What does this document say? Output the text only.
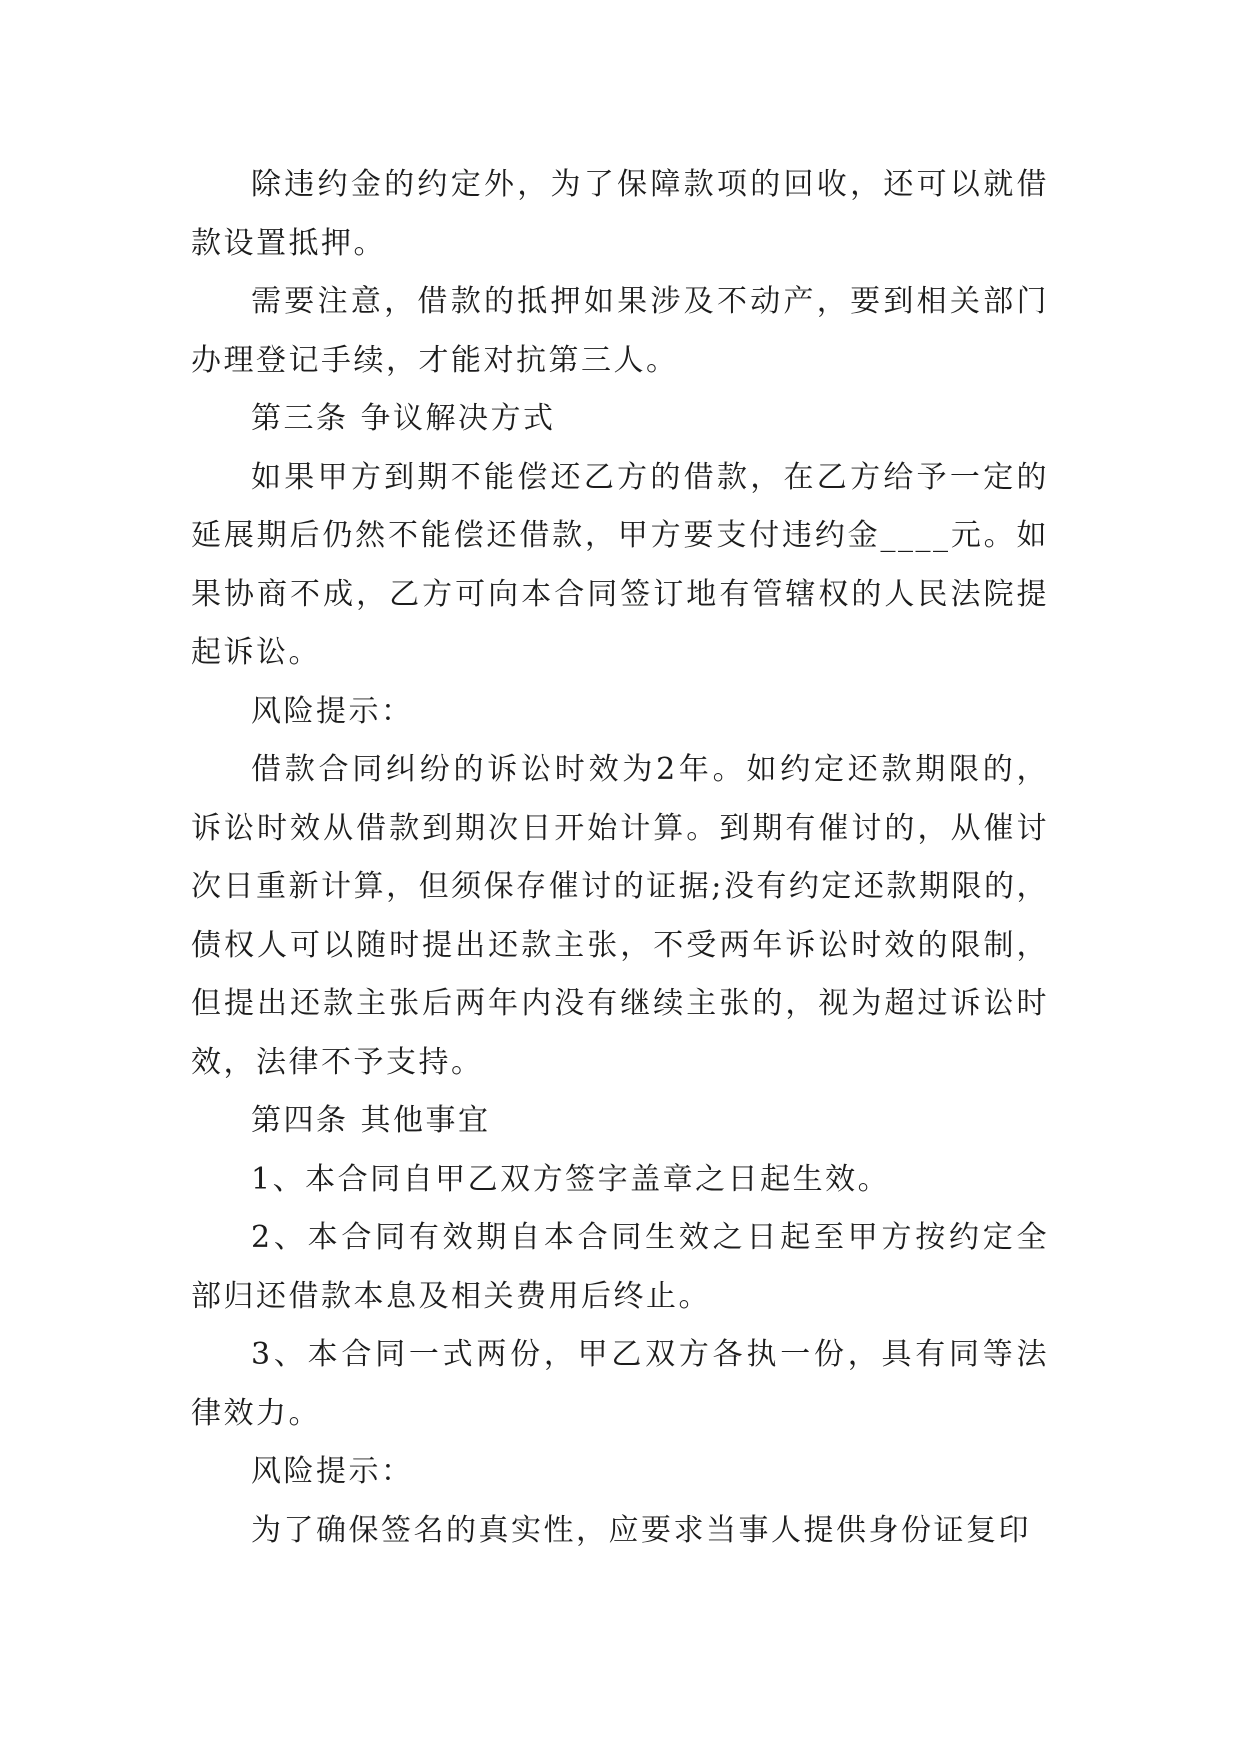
除违约金的约定外，为了保障款项的回收，还可以就借款设置抵押。

需要注意，借款的抵押如果涉及不动产，要到相关部门办理登记手续，才能对抗第三人。

第三条 争议解决方式

如果甲方到期不能偿还乙方的借款，在乙方给予一定的延展期后仍然不能偿还借款，甲方要支付违约金____元。如果协商不成，乙方可向本合同签订地有管辖权的人民法院提起诉讼。

风险提示：

借款合同纠纷的诉讼时效为2年。如约定还款期限的，诉讼时效从借款到期次日开始计算。到期有催讨的，从催讨次日重新计算，但须保存催讨的证据;没有约定还款期限的，债权人可以随时提出还款主张，不受两年诉讼时效的限制，但提出还款主张后两年内没有继续主张的，视为超过诉讼时效，法律不予支持。

第四条 其他事宜

1、本合同自甲乙双方签字盖章之日起生效。

2、本合同有效期自本合同生效之日起至甲方按约定全部归还借款本息及相关费用后终止。

3、本合同一式两份，甲乙双方各执一份，具有同等法律效力。

风险提示：

为了确保签名的真实性，应要求当事人提供身份证复印
